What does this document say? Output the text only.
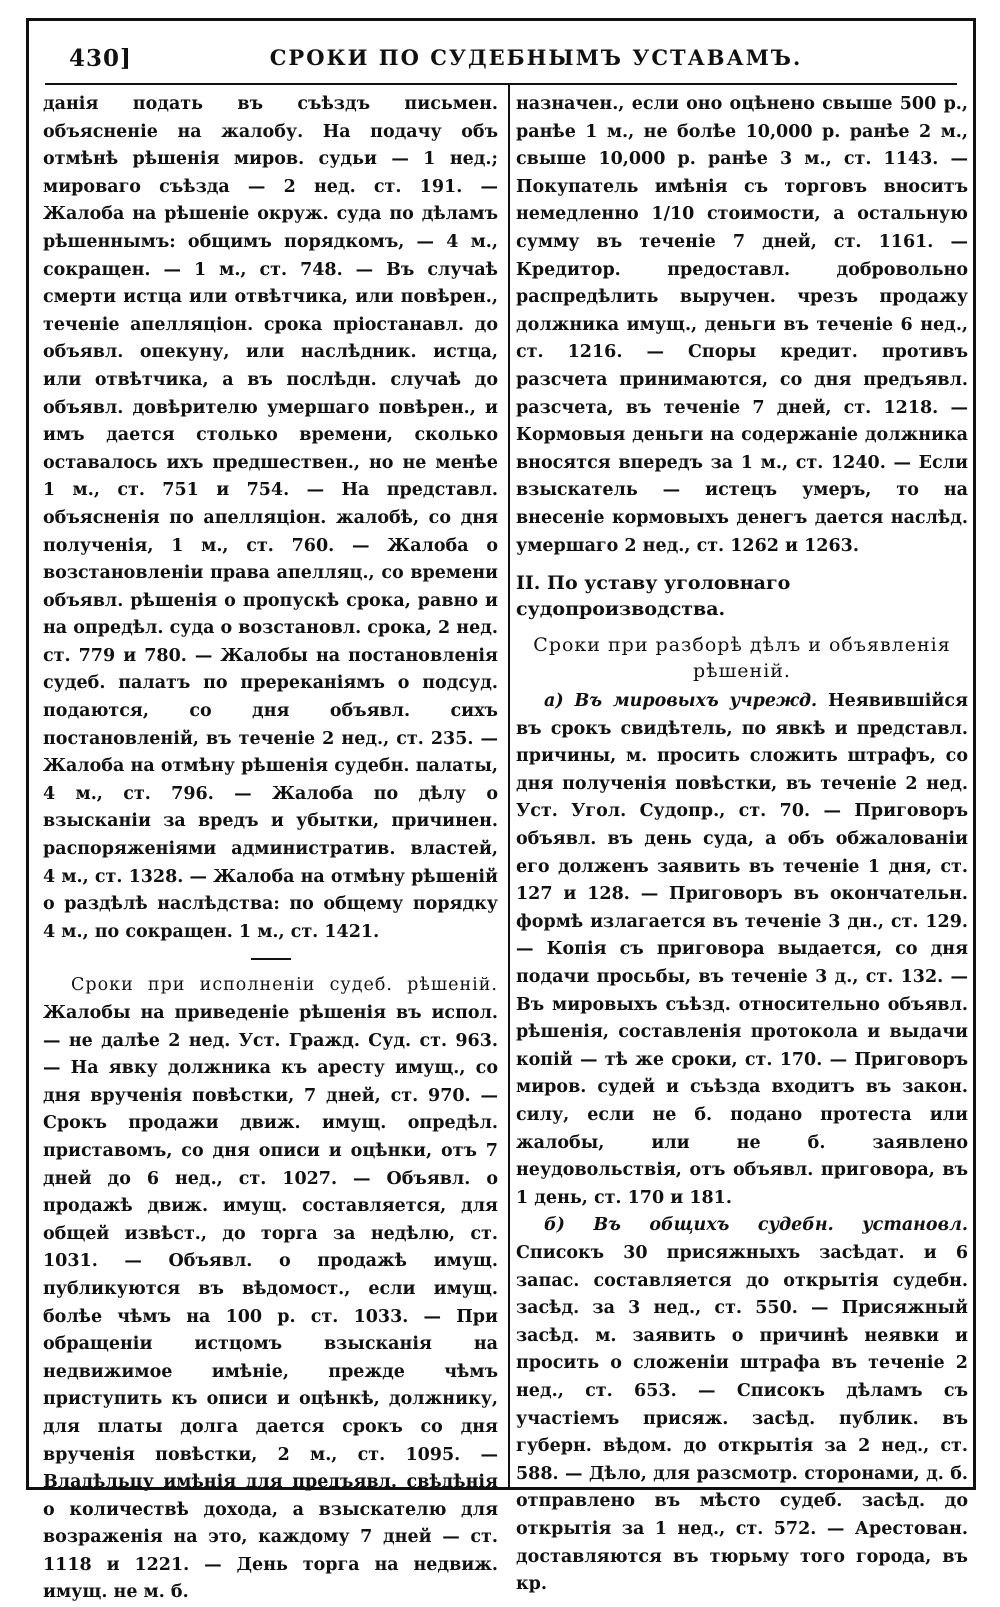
430]	СРОКИ ПО СУДЕБНЫМЪ УСТАВАМЪ.

данія подать въ съѣздъ письмен. объясненіе на жалобу. На подачу объ отмѣнѣ рѣшенія миров. судьи — 1 нед.; мироваго съѣзда — 2 нед. ст. 191. — Жалоба на рѣшеніе окруж. суда по дѣламъ рѣшеннымъ: общимъ порядкомъ, — 4 м., сокращен. — 1 м., ст. 748. — Въ случаѣ смерти истца или отвѣтчика, или повѣрен., теченіе апелляціон. срока пріостанавл. до объявл. опекуну, или наслѣдник. истца, или отвѣтчика, а въ послѣдн. случаѣ до объявл. довѣрителю умершаго повѣрен., и имъ дается столько времени, сколько оставалось ихъ предшествен., но не менѣе 1 м., ст. 751 и 754. — На представл. объясненія по апелляціон. жалобѣ, со дня полученія, 1 м., ст. 760. — Жалоба о возстановленіи права апелляц., со времени объявл. рѣшенія о пропускѣ срока, равно и на опредѣл. суда о возстановл. срока, 2 нед. ст. 779 и 780. — Жалобы на постановленія судеб. палатъ по пререканіямъ о подсуд. подаются, со дня объявл. сихъ постановленій, въ теченіе 2 нед., ст. 235. — Жалоба на отмѣну рѣшенія судебн. палаты, 4 м., ст. 796. — Жалоба по дѣлу о взысканіи за вредъ и убытки, причинен. распоряженіями административ. властей, 4 м., ст. 1328. — Жалоба на отмѣну рѣшеній о раздѣлѣ наслѣдства: по общему порядку 4 м., по сокращен. 1 м., ст. 1421.

Сроки при исполненіи судеб. рѣшеній. Жалобы на приведеніе рѣшенія въ испол. — не далѣе 2 нед. Уст. Гражд. Суд. ст. 963. — На явку должника къ аресту имущ., со дня врученія повѣстки, 7 дней, ст. 970. — Срокъ продажи движ. имущ. опредѣл. приставомъ, со дня описи и оцѣнки, отъ 7 дней до 6 нед., ст. 1027. — Объявл. о продажѣ движ. имущ. составляется, для общей извѣст., до торга за недѣлю, ст. 1031. — Объявл. о продажѣ имущ. публикуются въ вѣдомост., если имущ. болѣе чѣмъ на 100 р. ст. 1033. — При обращеніи истцомъ взысканія на недвижимое имѣніе, прежде чѣмъ приступить къ описи и оцѣнкѣ, должнику, для платы долга дается срокъ со дня врученія повѣстки, 2 м., ст. 1095. — Владѣльцу имѣнія для предъявл. свѣдѣнія о количествѣ дохода, а взыскателю для возраженія на это, каждому 7 дней — ст. 1118 и 1221. — День торга на недвиж. имущ. не м. б.

назначен., если оно оцѣнено свыше 500 р., ранѣе 1 м., не болѣе 10,000 р. ранѣе 2 м., свыше 10,000 р. ранѣе 3 м., ст. 1143. — Покупатель имѣнія съ торговъ вноситъ немедленно 1/10 стоимости, а остальную сумму въ теченіе 7 дней, ст. 1161. — Кредитор. предоставл. добровольно распредѣлить выручен. чрезъ продажу должника имущ., деньги въ теченіе 6 нед., ст. 1216. — Споры кредит. противъ разсчета принимаются, со дня предъявл. разсчета, въ теченіе 7 дней, ст. 1218. — Кормовыя деньги на содержаніе должника вносятся впередъ за 1 м., ст. 1240. — Если взыскатель — истецъ умеръ, то на внесеніе кормовыхъ денегъ дается наслѣд. умершаго 2 нед., ст. 1262 и 1263.

II. По уставу уголовнаго судопроизводства.
Сроки при разборѣ дѣлъ и объявленія рѣшеній.

а) Въ мировыхъ учрежд. Неявившійся въ срокъ свидѣтель, по явкѣ и представл. причины, м. просить сложить штрафъ, со дня полученія повѣстки, въ теченіе 2 нед. Уст. Угол. Судопр., ст. 70. — Приговоръ объявл. въ день суда, а объ обжалованіи его долженъ заявить въ теченіе 1 дня, ст. 127 и 128. — Приговоръ въ окончательн. формѣ излагается въ теченіе 3 дн., ст. 129. — Копія съ приговора выдается, со дня подачи просьбы, въ теченіе 3 д., ст. 132. — Въ мировыхъ съѣзд. относительно объявл. рѣшенія, составленія протокола и выдачи копій — тѣ же сроки, ст. 170. — Приговоръ миров. судей и съѣзда входитъ въ закон. силу, если не б. подано протеста или жалобы, или не б. заявлено неудовольствія, отъ объявл. приговора, въ 1 день, ст. 170 и 181.

б) Въ общихъ судебн. установл. Списокъ 30 присяжныхъ засѣдат. и 6 запас. составляется до открытія судебн. засѣд. за 3 нед., ст. 550. — Присяжный засѣд. м. заявить о причинѣ неявки и просить о сложеніи штрафа въ теченіе 2 нед., ст. 653. — Списокъ дѣламъ съ участіемъ присяж. засѣд. публик. въ губерн. вѣдом. до открытія за 2 нед., ст. 588. — Дѣло, для разсмотр. сторонами, д. б. отправлено въ мѣсто судеб. засѣд. до открытія за 1 нед., ст. 572. — Арестован. доставляются въ тюрьму того города, въ кр.
